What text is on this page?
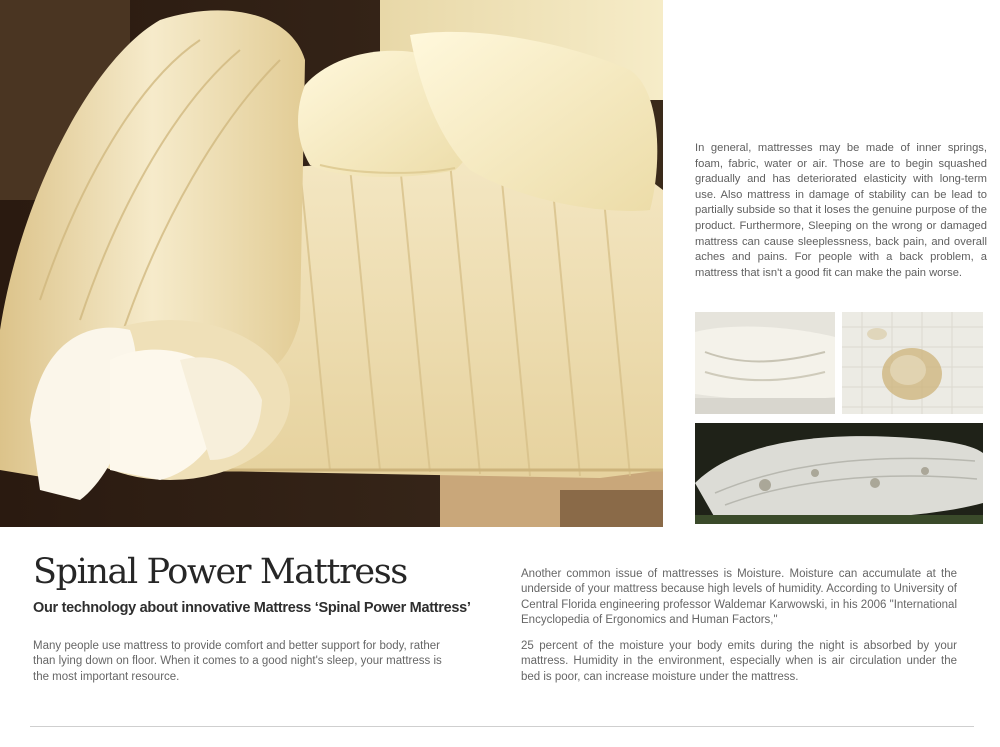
In general, mattresses may be made of inner springs, foam, fabric, water or air. Those are to begin squashed gradually and has deteriorated elasticity with long-term use. Also mattress in damage of stability can be lead to partially subside so that it loses the genuine purpose of the product. Furthermore, Sleeping on the wrong or damaged mattress can cause sleeplessness, back pain, and overall aches and pains. For people with a back problem, a mattress that isn't a good fit can make the pain worse.

Spinal Power Mattress
Our technology about innovative Mattress ‘Spinal Power Mattress’

Many people use mattress to provide comfort and better support for body, rather than lying down on floor. When it comes to a good night's sleep, your mattress is the most important resource.

Another common issue of mattresses is Moisture. Moisture can accumulate at the underside of your mattress because high levels of humidity. According to University of Central Florida engineering professor Waldemar Karwowski, in his 2006 "International Encyclopedia of Ergonomics and Human Factors,"

25 percent of the moisture your body emits during the night is absorbed by your mattress. Humidity in the environment, especially when is air circulation under the bed is poor, can increase moisture under the mattress.
